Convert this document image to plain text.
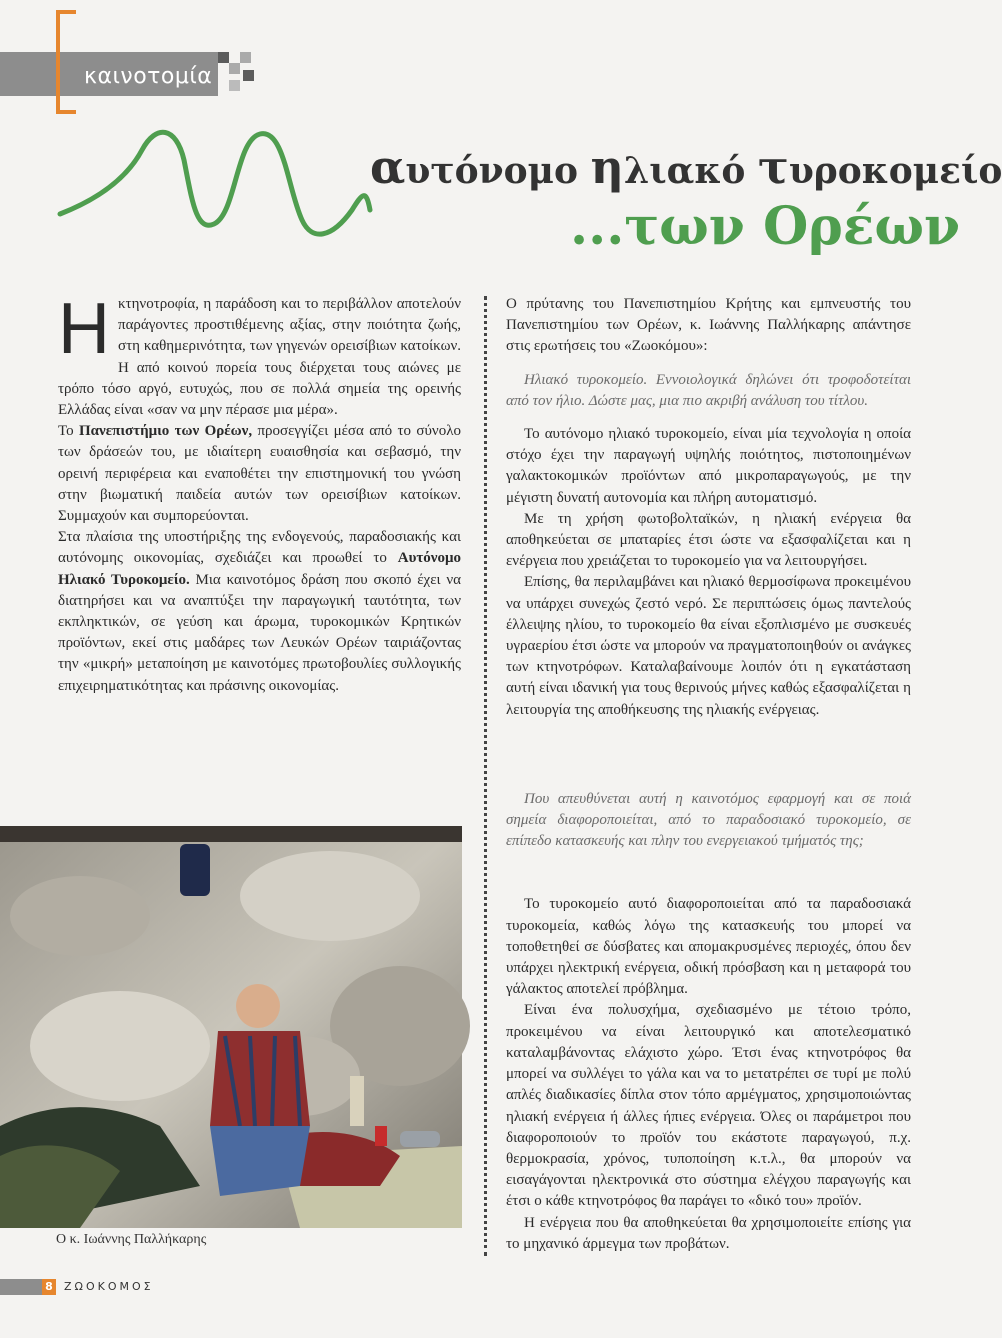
καινοτομία
αυτόνομο ηλιακό τυροκομείο
...των Ορέων

Ηκτηνοτροφία, η παράδοση και το περιβάλλον αποτελούν παράγοντες προστιθέμενης αξίας, στην ποιότητα ζωής, στη καθημερινότητα, των γηγενών ορεισίβιων κατοίκων. Η από κοινού πορεία τους διέρχεται τους αιώνες με τρόπο τόσο αργό, ευτυχώς, που σε πολλά σημεία της ορεινής Ελλάδας είναι «σαν να μην πέρασε μια μέρα».

Το Πανεπιστήμιο των Ορέων, προσεγγίζει μέσα από το σύνολο των δράσεών του, με ιδιαίτερη ευαισθησία και σεβασμό, την ορεινή περιφέρεια και εναποθέτει την επιστημονική του γνώση στην βιωματική παιδεία αυτών των ορεισίβιων κατοίκων. Συμμαχούν και συμπορεύονται.

Στα πλαίσια της υποστήριξης της ενδογενούς, παραδοσιακής και αυτόνομης οικονομίας, σχεδιάζει και προωθεί το Αυτόνομο Ηλιακό Τυροκομείο. Μια καινοτόμος δράση που σκοπό έχει να διατηρήσει και να αναπτύξει την παραγωγική ταυτότητα, των εκπληκτικών, σε γεύση και άρωμα, τυροκομικών Κρητικών προϊόντων, εκεί στις μαδάρες των Λευκών Ορέων ταιριάζοντας την «μικρή» μεταποίηση με καινοτόμες πρωτοβουλίες συλλογικής επιχειρηματικότητας και πράσινης οικονομίας.

Ο κ. Ιωάννης Παλλήκαρης

Ο πρύτανης του Πανεπιστημίου Κρήτης και εμπνευστής του Πανεπιστημίου των Ορέων, κ. Ιωάννης Παλλήκαρης απάντησε στις ερωτήσεις του «Ζωοκόμου»:

Ηλιακό τυροκομείο. Εννοιολογικά δηλώνει ότι τροφοδοτείται από τον ήλιο. Δώστε μας, μια πιο ακριβή ανάλυση του τίτλου.

Το αυτόνομο ηλιακό τυροκομείο, είναι μία τεχνολογία η οποία στόχο έχει την παραγωγή υψηλής ποιότητος, πιστοποιημένων γαλακτοκομικών προϊόντων από μικροπαραγωγούς, με την μέγιστη δυνατή αυτονομία και πλήρη αυτοματισμό.

Με τη χρήση φωτοβολταϊκών, η ηλιακή ενέργεια θα αποθηκεύεται σε μπαταρίες έτσι ώστε να εξασφαλίζεται και η ενέργεια που χρειάζεται το τυροκομείο για να λειτουργήσει.

Επίσης, θα περιλαμβάνει και ηλιακό θερμοσίφωνα προκειμένου να υπάρχει συνεχώς ζεστό νερό. Σε περιπτώσεις όμως παντελούς έλλειψης ηλίου, το τυροκομείο θα είναι εξοπλισμένο με συσκευές υγραερίου έτσι ώστε να μπορούν να πραγματοποιηθούν οι ανάγκες των κτηνοτρόφων. Καταλαβαίνουμε λοιπόν ότι η εγκατάσταση αυτή είναι ιδανική για τους θερινούς μήνες καθώς εξασφαλίζεται η λειτουργία της αποθήκευσης της ηλιακής ενέργειας.

Που απευθύνεται αυτή η καινοτόμος εφαρμογή και σε ποιά σημεία διαφοροποιείται, από το παραδοσιακό τυροκομείο, σε επίπεδο κατασκευής και πλην του ενεργειακού τμήματός της;

Το τυροκομείο αυτό διαφοροποιείται από τα παραδοσιακά τυροκομεία, καθώς λόγω της κατασκευής του μπορεί να τοποθετηθεί σε δύσβατες και απομακρυσμένες περιοχές, όπου δεν υπάρχει ηλεκτρική ενέργεια, οδική πρόσβαση και η μεταφορά του γάλακτος αποτελεί πρόβλημα.

Είναι ένα πολυσχήμα, σχεδιασμένο με τέτοιο τρόπο, προκειμένου να είναι λειτουργικό και αποτελεσματικό καταλαμβάνοντας ελάχιστο χώρο. Έτσι ένας κτηνοτρόφος θα μπορεί να συλλέγει το γάλα και να το μετατρέπει σε τυρί με πολύ απλές διαδικασίες δίπλα στον τόπο αρμέγματος, χρησιμοποιώντας ηλιακή ενέργεια ή άλλες ήπιες ενέργεια. Όλες οι παράμετροι που διαφοροποιούν το προϊόν του εκάστοτε παραγωγού, π.χ. θερμοκρασία, χρόνος, τυποποίηση κ.τ.λ., θα μπορούν να εισαγάγονται ηλεκτρονικά στο σύστημα ελέγχου παραγωγής και έτσι ο κάθε κτηνοτρόφος θα παράγει το «δικό του» προϊόν.

Η ενέργεια που θα αποθηκεύεται θα χρησιμοποιείτε επίσης για το μηχανικό άρμεγμα των προβάτων.

8 ΖΩΟΚΟΜΟΣ
